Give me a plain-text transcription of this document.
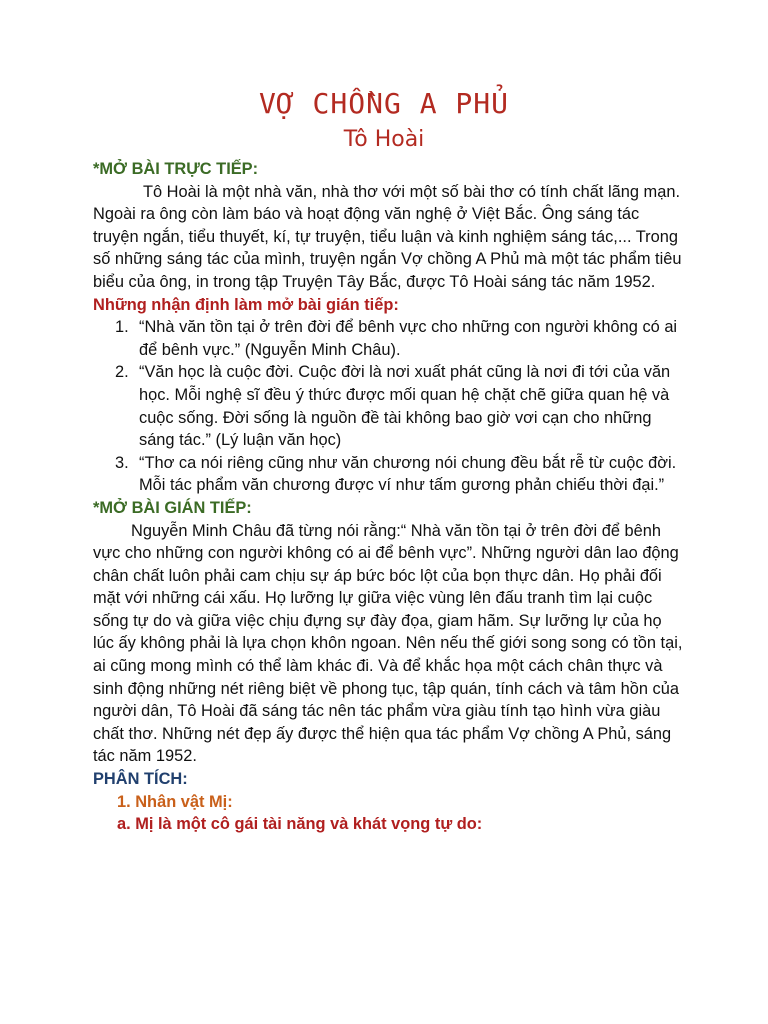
VỢ CHỒNG A PHỦ
Tô Hoài

*MỞ BÀI TRỰC TIẾP:

Tô Hoài là một nhà văn, nhà thơ với một số bài thơ có tính chất lãng mạn. Ngoài ra ông còn làm báo và hoạt động văn nghệ ở Việt Bắc. Ông sáng tác truyện ngắn, tiểu thuyết, kí, tự truyện, tiểu luận và kinh nghiệm sáng tác,... Trong số những sáng tác của mình, truyện ngắn Vợ chồng A Phủ mà một tác phẩm tiêu biểu của ông, in trong tập Truyện Tây Bắc, được Tô Hoài sáng tác năm 1952.

Những nhận định làm mở bài gián tiếp:

1. “Nhà văn tồn tại ở trên đời để bênh vực cho những con người không có ai để bênh vực.” (Nguyễn Minh Châu).
2. “Văn học là cuộc đời. Cuộc đời là nơi xuất phát cũng là nơi đi tới của văn học. Mỗi nghệ sĩ đều ý thức được mối quan hệ chặt chẽ giữa quan hệ và cuộc sống. Đời sống là nguồn đề tài không bao giờ vơi cạn cho những sáng tác.” (Lý luận văn học)
3. “Thơ ca nói riêng cũng như văn chương nói chung đều bắt rễ từ cuộc đời. Mỗi tác phẩm văn chương được ví như tấm gương phản chiếu thời đại.”

*MỞ BÀI GIÁN TIẾP:

Nguyễn Minh Châu đã từng nói rằng:“ Nhà văn tồn tại ở trên đời để bênh vực cho những con người không có ai để bênh vực”. Những người dân lao động chân chất luôn phải cam chịu sự áp bức bóc lột của bọn thực dân. Họ phải đối mặt với những cái xấu. Họ lưỡng lự giữa việc vùng lên đấu tranh tìm lại cuộc sống tự do và giữa việc chịu đựng sự đày đọa, giam hãm. Sự lưỡng lự của họ lúc ấy không phải là lựa chọn khôn ngoan. Nên nếu thế giới song song có tồn tại, ai cũng mong mình có thể làm khác đi. Và để khắc họa một cách chân thực và sinh động những nét riêng biệt về phong tục, tập quán, tính cách và tâm hồn của người dân, Tô Hoài đã sáng tác nên tác phẩm vừa giàu tính tạo hình vừa giàu chất thơ. Những nét đẹp ấy được thể hiện qua tác phẩm Vợ chồng A Phủ, sáng tác năm 1952.

PHÂN TÍCH:

1. Nhân vật Mị:

a. Mị là một cô gái tài năng và khát vọng tự do:
